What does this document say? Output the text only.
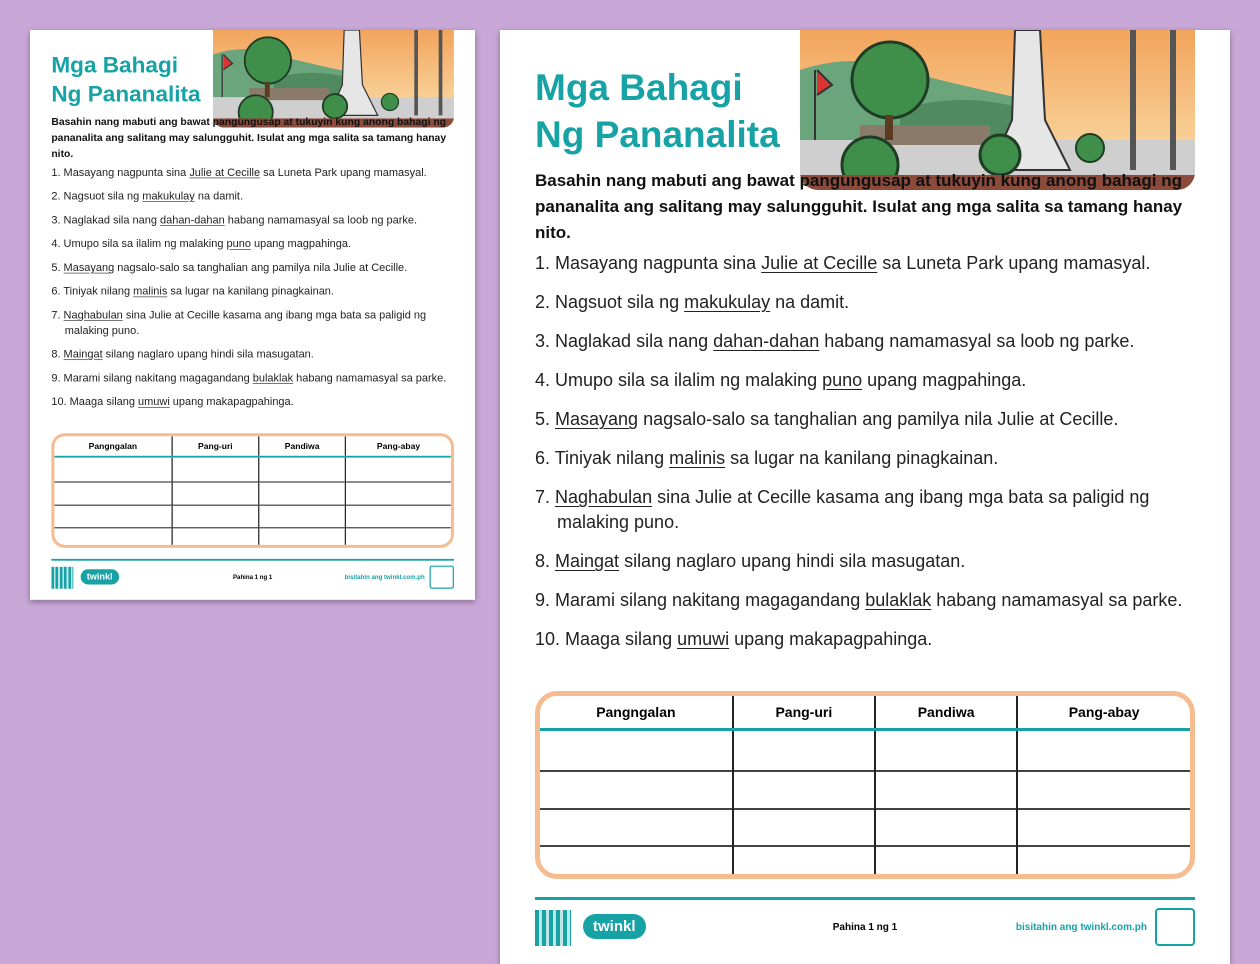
Mga Bahagi
Ng Pananalita
Basahin nang mabuti ang bawat pangungusap at tukuyin kung anong bahagi ng pananalita ang salitang may salungguhit. Isulat ang mga salita sa tamang hanay nito.
1. Masayang nagpunta sina Julie at Cecille sa Luneta Park upang mamasyal.
2. Nagsuot sila ng makukulay na damit.
3. Naglakad sila nang dahan-dahan habang namamasyal sa loob ng parke.
4. Umupo sila sa ilalim ng malaking puno upang magpahinga.
5. Masayang nagsalo-salo sa tanghalian ang pamilya nila Julie at Cecille.
6. Tiniyak nilang malinis sa lugar na kanilang pinagkainan.
7. Naghabulan sina Julie at Cecille kasama ang ibang mga bata sa paligid ng malaking puno.
8. Maingat silang naglaro upang hindi sila masugatan.
9. Marami silang nakitang magagandang bulaklak habang namamasyal sa parke.
10. Maaga silang umuwi upang makapagpahinga.
Pangngalan	Pang-uri	Pandiwa	Pang-abay

twinkl	Pahina 1 ng 1	bisitahin ang twinkl.com.ph
Mga Bahagi
Ng Pananalita
Basahin nang mabuti ang bawat pangungusap at tukuyin kung anong bahagi ng pananalita ang salitang may salungguhit. Isulat ang mga salita sa tamang hanay nito.
1. Masayang nagpunta sina Julie at Cecille sa Luneta Park upang mamasyal.
2. Nagsuot sila ng makukulay na damit.
3. Naglakad sila nang dahan-dahan habang namamasyal sa loob ng parke.
4. Umupo sila sa ilalim ng malaking puno upang magpahinga.
5. Masayang nagsalo-salo sa tanghalian ang pamilya nila Julie at Cecille.
6. Tiniyak nilang malinis sa lugar na kanilang pinagkainan.
7. Naghabulan sina Julie at Cecille kasama ang ibang mga bata sa paligid ng malaking puno.
8. Maingat silang naglaro upang hindi sila masugatan.
9. Marami silang nakitang magagandang bulaklak habang namamasyal sa parke.
10. Maaga silang umuwi upang makapagpahinga.
Pangngalan	Pang-uri	Pandiwa	Pang-abay

twinkl	Pahina 1 ng 1	bisitahin ang twinkl.com.ph
